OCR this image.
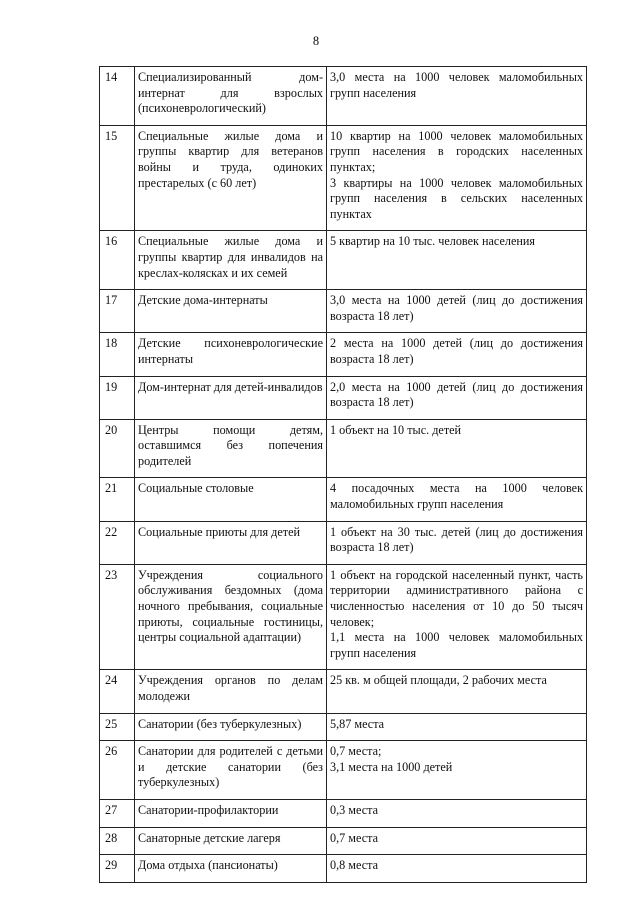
8
14	Специализированный дом-интернат для взрослых (психоневрологический)	3,0 места на 1000 человек маломобильных групп населения

15	Специальные жилые дома и группы квартир для ветеранов войны и труда, одиноких престарелых (с 60 лет)	10 квартир на 1000 человек маломобильных групп населения в городских населенных пунктах;
3 квартиры на 1000 человек маломобильных групп населения в сельских населенных пунктах

16	Специальные жилые дома и группы квартир для инвалидов на креслах-колясках и их семей	5 квартир на 10 тыс. человек населения

17	Детские дома-интернаты	3,0 места на 1000 детей (лиц до достижения возраста 18 лет)

18	Детские психоневрологические интернаты	2 места на 1000 детей (лиц до достижения возраста 18 лет)

19	Дом-интернат для детей-инвалидов	2,0 места на 1000 детей (лиц до достижения возраста 18 лет)

20	Центры помощи детям, оставшимся без попечения родителей	1 объект на 10 тыс. детей

21	Социальные столовые	4 посадочных места на 1000 человек маломобильных групп населения

22	Социальные приюты для детей	1 объект на 30 тыс. детей (лиц до достижения возраста 18 лет)

23	Учреждения социального обслуживания бездомных (дома ночного пребывания, социальные приюты, социальные гостиницы, центры социальной адаптации)	1 объект на городской населенный пункт, часть территории административного района с численностью населения от 10 до 50 тысяч человек;
1,1 места на 1000 человек маломобильных групп населения

24	Учреждения органов по делам молодежи	25 кв. м общей площади, 2 рабочих места

25	Санатории (без туберкулезных)	5,87 места

26	Санатории для родителей с детьми и детские санатории (без туберкулезных)	0,7 места;
3,1 места на 1000 детей

27	Санатории-профилактории	0,3 места

28	Санаторные детские лагеря	0,7 места

29	Дома отдыха (пансионаты)	0,8 места
